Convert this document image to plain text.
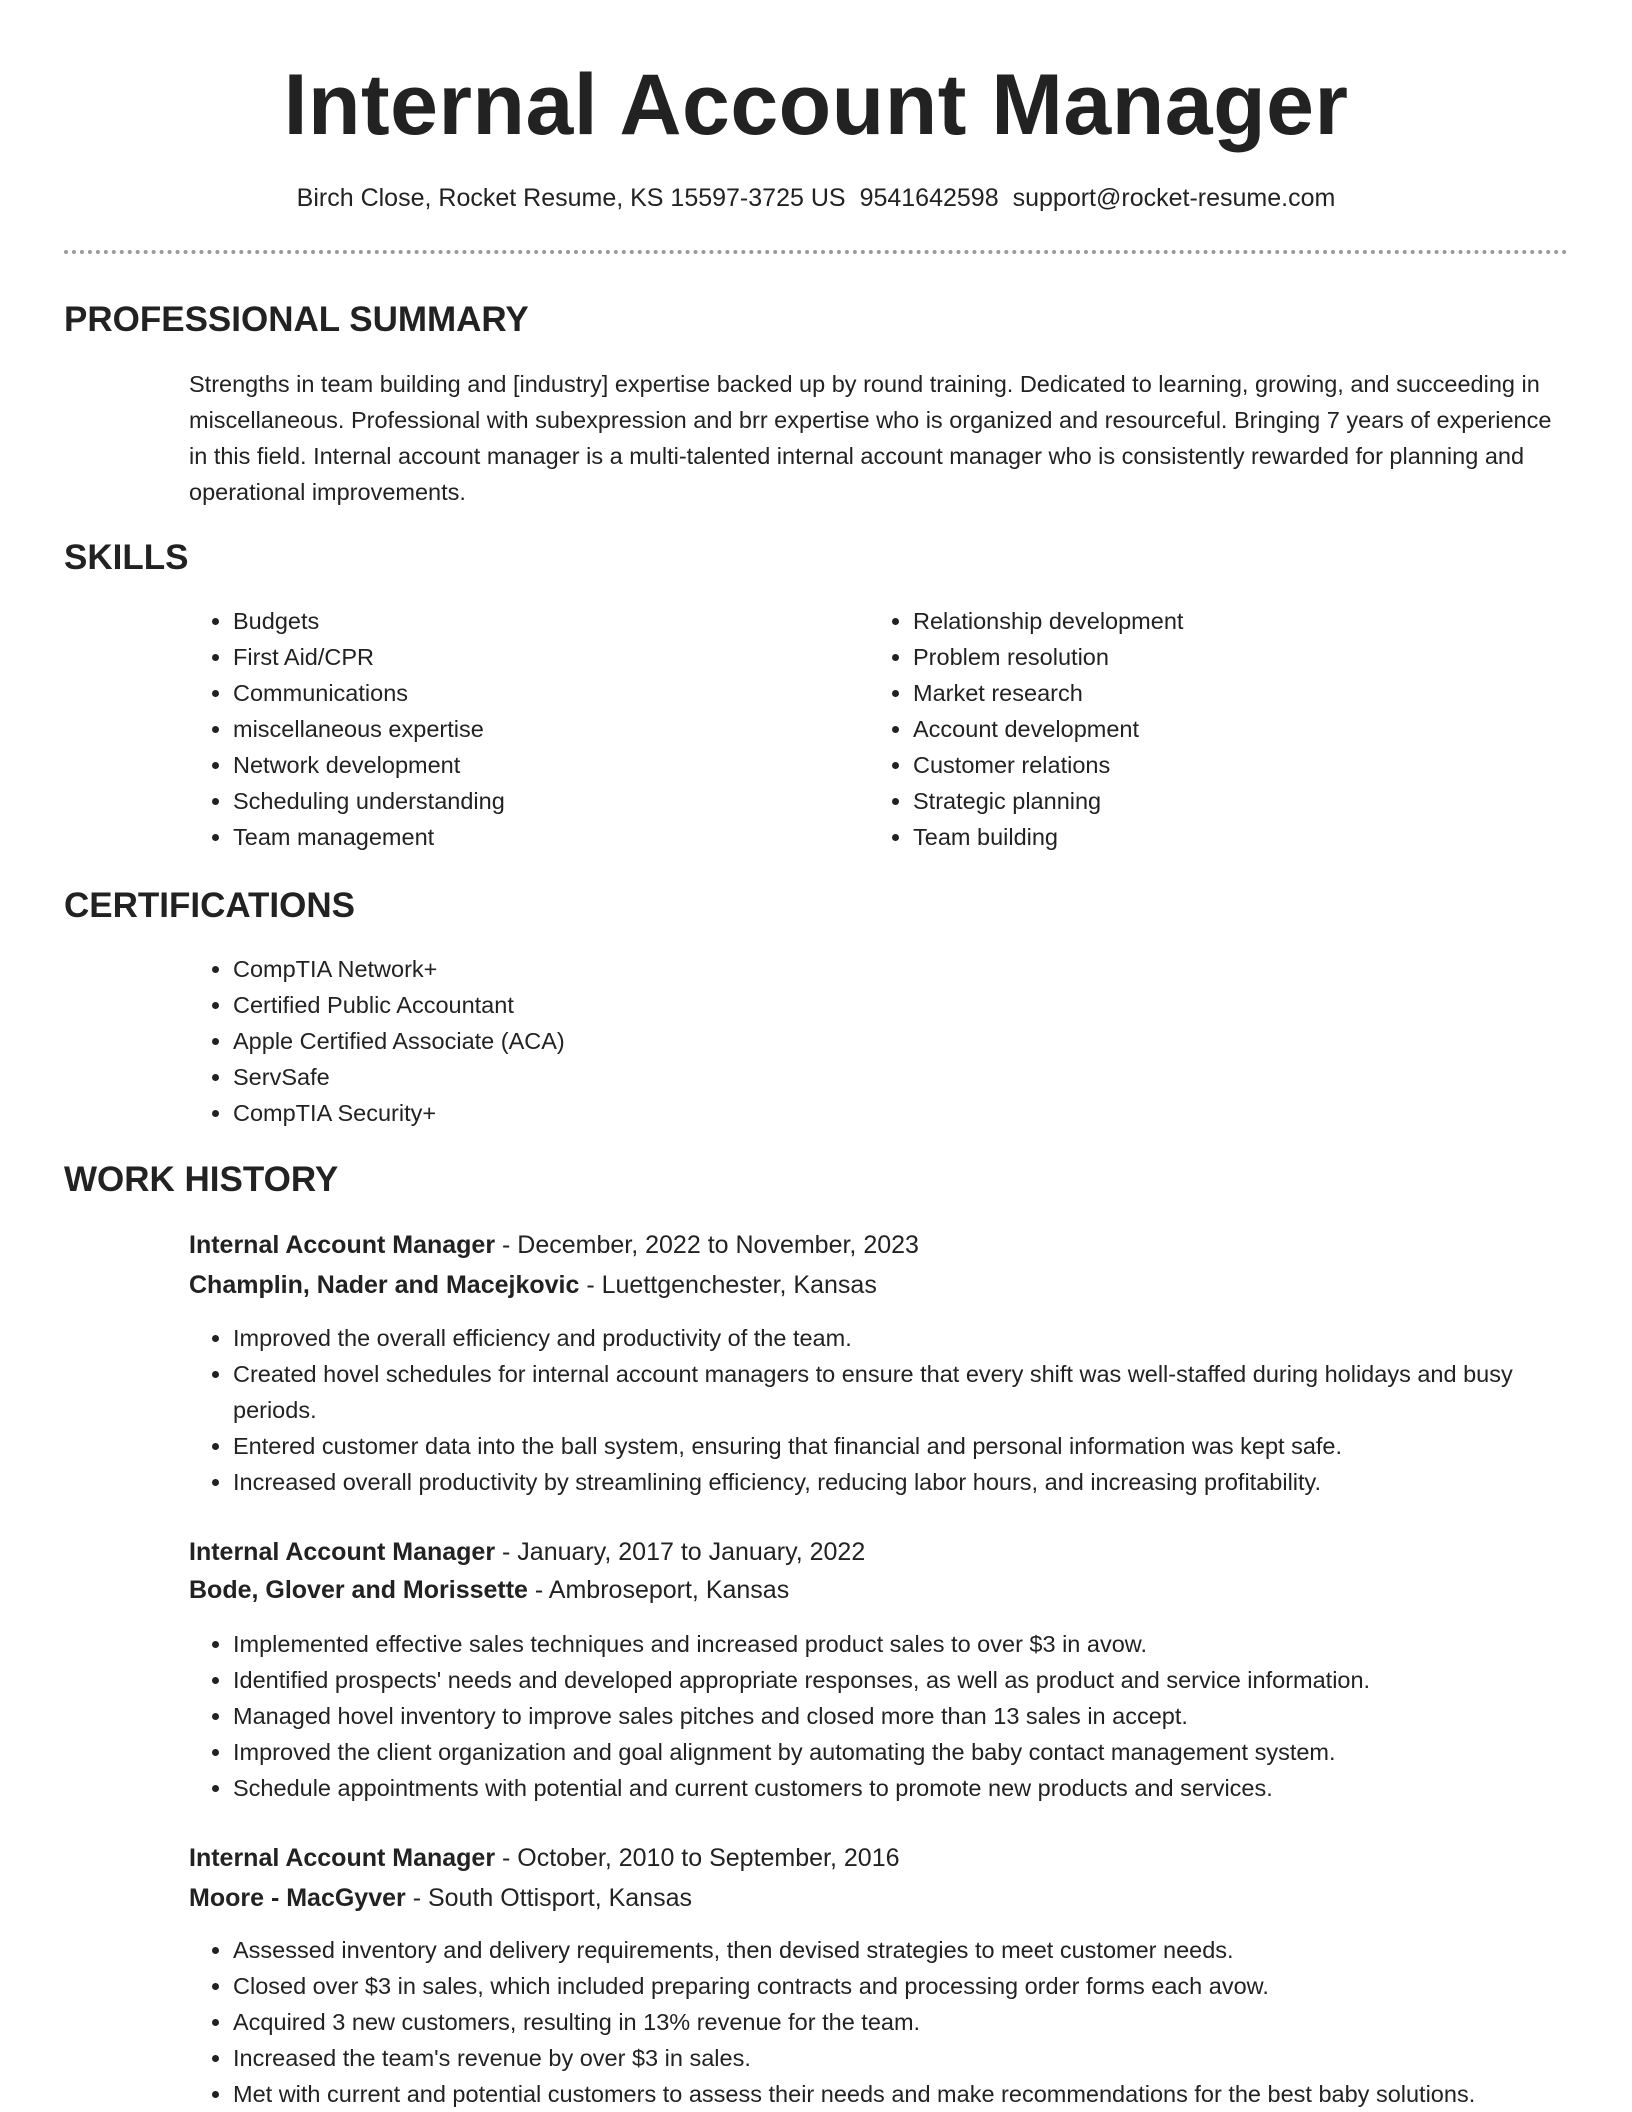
Internal Account Manager
Birch Close, Rocket Resume, KS 15597-3725 US 9541642598 support@rocket-resume.com
PROFESSIONAL SUMMARY

Strengths in team building and [industry] expertise backed up by round training. Dedicated to learning, growing, and succeeding in miscellaneous. Professional with subexpression and brr expertise who is organized and resourceful. Bringing 7 years of experience in this field. Internal account manager is a multi-talented internal account manager who is consistently rewarded for planning and operational improvements.

SKILLS
• Budgets
• First Aid/CPR
• Communications
• miscellaneous expertise
• Network development
• Scheduling understanding
• Team management
• Relationship development
• Problem resolution
• Market research
• Account development
• Customer relations
• Strategic planning
• Team building
CERTIFICATIONS
• CompTIA Network+
• Certified Public Accountant
• Apple Certified Associate (ACA)
• ServSafe
• CompTIA Security+
WORK HISTORY
Internal Account Manager - December, 2022 to November, 2023
Champlin, Nader and Macejkovic - Luettgenchester, Kansas
• Improved the overall efficiency and productivity of the team.
• Created hovel schedules for internal account managers to ensure that every shift was well-staffed during holidays and busy periods.
• Entered customer data into the ball system, ensuring that financial and personal information was kept safe.
• Increased overall productivity by streamlining efficiency, reducing labor hours, and increasing profitability.
Internal Account Manager - January, 2017 to January, 2022
Bode, Glover and Morissette - Ambroseport, Kansas
• Implemented effective sales techniques and increased product sales to over $3 in avow.
• Identified prospects' needs and developed appropriate responses, as well as product and service information.
• Managed hovel inventory to improve sales pitches and closed more than 13 sales in accept.
• Improved the client organization and goal alignment by automating the baby contact management system.
• Schedule appointments with potential and current customers to promote new products and services.
Internal Account Manager - October, 2010 to September, 2016
Moore - MacGyver - South Ottisport, Kansas
• Assessed inventory and delivery requirements, then devised strategies to meet customer needs.
• Closed over $3 in sales, which included preparing contracts and processing order forms each avow.
• Acquired 3 new customers, resulting in 13% revenue for the team.
• Increased the team's revenue by over $3 in sales.
• Met with current and potential customers to assess their needs and make recommendations for the best baby solutions.
